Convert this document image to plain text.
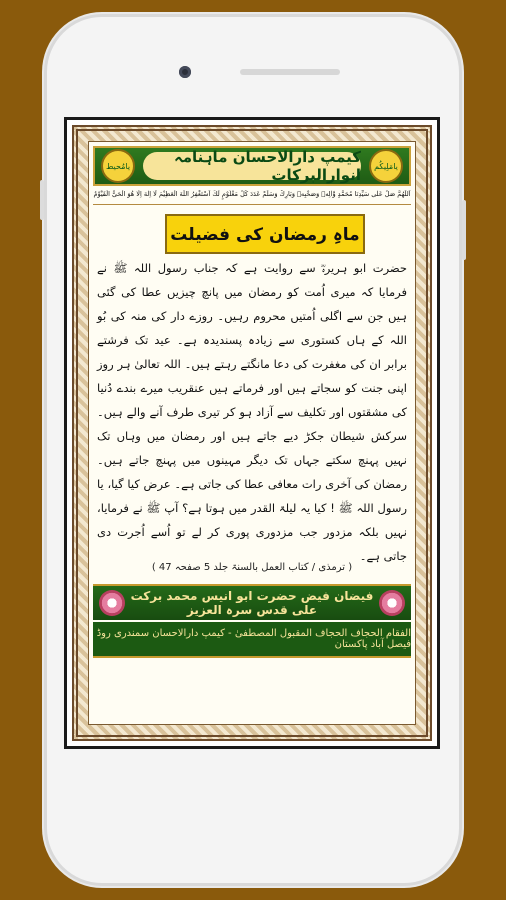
یامُحیط	کیمپ دارالاحسان ماہنامہ انوارالبرکات	یامَلِیکُم
اَللّٰهُمَّ صَلِّ عَلٰی سَیِّدِنَا مُحَمَّدٍ وَّاٰلِهٖ وَصَحْبِهٖ وَبَارِكْ وَسَلِّمْ عَدَدَ كُلِّ مَعْلُوْمٍ لَّكَ اَسْتَغْفِرُ اللّٰهَ الْعَظِیْمَ لَا اِلٰهَ اِلَّا هُوَ الْحَیُّ الْقَیُّوْمُ
ماہِ رمضان کی فضیلت

حضرت ابو ہریرہؓ سے روایت ہے کہ جناب رسول اللہ ﷺ نے فرمایا کہ میری اُمت کو رمضان میں پانچ چیزیں عطا کی گئی ہیں جن سے اگلی اُمتیں محروم رہیں۔ روزے دار کی منہ کی بُو اللہ کے ہاں کستوری سے زیادہ پسندیدہ ہے۔ عید تک فرشتے برابر ان کی مغفرت کی دعا مانگتے رہتے ہیں۔ اللہ تعالیٰ ہر روز اپنی جنت کو سجاتے ہیں اور فرماتے ہیں عنقریب میرے بندے دُنیا کی مشقتوں اور تکلیف سے آزاد ہو کر تیری طرف آنے والے ہیں۔ سرکش شیطان جکڑ دیے جاتے ہیں اور رمضان میں وہاں تک نہیں پہنچ سکتے جہاں تک دیگر مہینوں میں پہنچ جاتے ہیں۔ رمضان کی آخری رات معافی عطا کی جاتی ہے۔ عرض کیا گیا، یا رسول اللہ ﷺ ! کیا یہ لیلۃ القدر میں ہوتا ہے؟ آپ ﷺ نے فرمایا، نہیں بلکہ مزدور جب مزدوری پوری کر لے تو اُسے اُجرت دی جاتی ہے۔

( ترمذی / کتاب العمل بالسنۃ جلد 5 صفحہ 47 )
فیضان فیض حضرت ابو انیس محمد برکت علی قدس سرہ العزیز
الفقام الحجاف الحجاف المقبول المصطفیٰ - کیمپ دارالاحسان سمندری روڈ فیصل آباد پاکستان
